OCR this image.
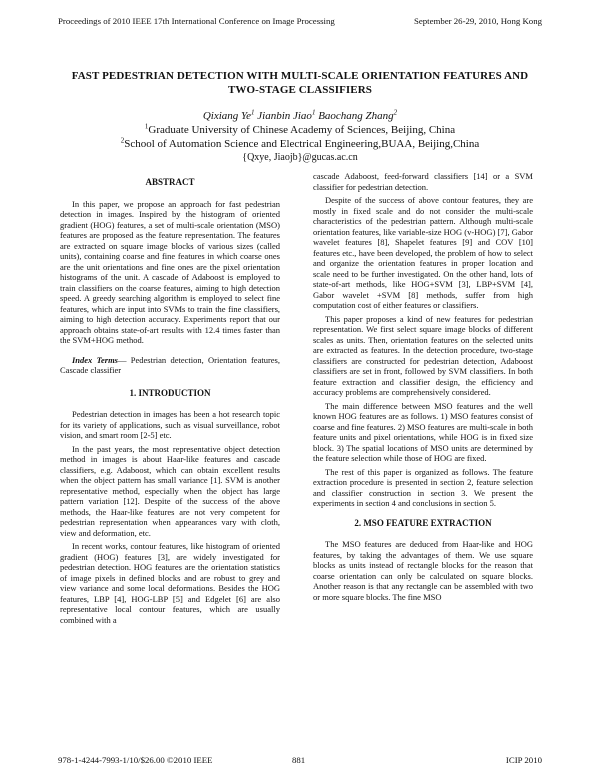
Proceedings of 2010 IEEE 17th International Conference on Image Processing	September 26-29, 2010, Hong Kong
FAST PEDESTRIAN DETECTION WITH MULTI-SCALE ORIENTATION FEATURES AND
TWO-STAGE CLASSIFIERS
Qixiang Ye$^1$ Jianbin Jiao$^1$ Baochang Zhang$^2$
$^1$Graduate University of Chinese Academy of Sciences, Beijing, China
$^2$School of Automation Science and Electrical Engineering,BUAA, Beijing,China
{Qxye, Jiaojb}@gucas.ac.cn
ABSTRACT
In this paper, we propose an approach for fast pedestrian detection in images. Inspired by the histogram of oriented gradient (HOG) features, a set of multi-scale orientation (MSO) features are proposed as the feature representation. The features are extracted on square image blocks of various sizes (called units), containing coarse and fine features in which coarse ones are the unit orientations and fine ones are the pixel orientation histograms of the unit. A cascade of Adaboost is employed to train classifiers on the coarse features, aiming to high detection speed. A greedy searching algorithm is employed to select fine features, which are input into SVMs to train the fine classifiers, aiming to high detection accuracy. Experiments report that our approach obtains state-of-art results with 12.4 times faster than the SVM+HOG method.
Index Terms— Pedestrian detection, Orientation features, Cascade classifier
1. INTRODUCTION
Pedestrian detection in images has been a hot research topic for its variety of applications, such as visual surveillance, robot vision, and smart room [2-5] etc.
In the past years, the most representative object detection method in images is about Haar-like features and cascade classifiers, e.g. Adaboost, which can obtain excellent results when the object pattern has small variance [1]. SVM is another representative method, especially when the object has large pattern variation [12]. Despite of the success of the above methods, the Haar-like features are not very competent for pedestrian representation when appearances vary with cloth, view and deformation, etc.
In recent works, contour features, like histogram of oriented gradient (HOG) features [3], are widely investigated for pedestrian detection. HOG features are the orientation statistics of image pixels in defined blocks and are robust to grey and view variance and some local deformations. Besides the HOG features, LBP [4], HOG-LBP [5] and Edgelet [6] are also representative local contour features, which are usually combined with a
cascade Adaboost, feed-forward classifiers [14] or a SVM classifier for pedestrian detection.
Despite of the success of above contour features, they are mostly in fixed scale and do not consider the multi-scale characteristics of the pedestrian pattern. Although multi-scale orientation features, like variable-size HOG (v-HOG) [7], Gabor wavelet features [8], Shapelet features [9] and COV [10] features etc., have been developed, the problem of how to select and organize the orientation features in proper location and scale need to be further investigated. On the other hand, lots of state-of-art methods, like HOG+SVM [3], LBP+SVM [4], Gabor wavelet +SVM [8] methods, suffer from high computation cost of either features or classifiers.
This paper proposes a kind of new features for pedestrian representation. We first select square image blocks of different scales as units. Then, orientation features on the selected units are extracted as features. In the detection procedure, two-stage classifiers are constructed for pedestrian detection, Adaboost classifiers are set in front, followed by SVM classifiers. In both feature extraction and classifier design, the efficiency and accuracy problems are comprehensively considered.
The main difference between MSO features and the well known HOG features are as follows. 1) MSO features consist of coarse and fine features. 2) MSO features are multi-scale in both feature units and pixel orientations, while HOG is in fixed size block. 3) The spatial locations of MSO units are determined by the feature selection while those of HOG are fixed.
The rest of this paper is organized as follows. The feature extraction procedure is presented in section 2, feature selection and classifier construction in section 3. We present the experiments in section 4 and conclusions in section 5.
2. MSO FEATURE EXTRACTION
The MSO features are deduced from Haar-like and HOG features, by taking the advantages of them. We use square blocks as units instead of rectangle blocks for the reason that coarse orientation can only be calculated on square blocks. Another reason is that any rectangle can be assembled with two or more square blocks. The fine MSO
978-1-4244-7993-1/10/$26.00 ©2010 IEEE	881	ICIP 2010
